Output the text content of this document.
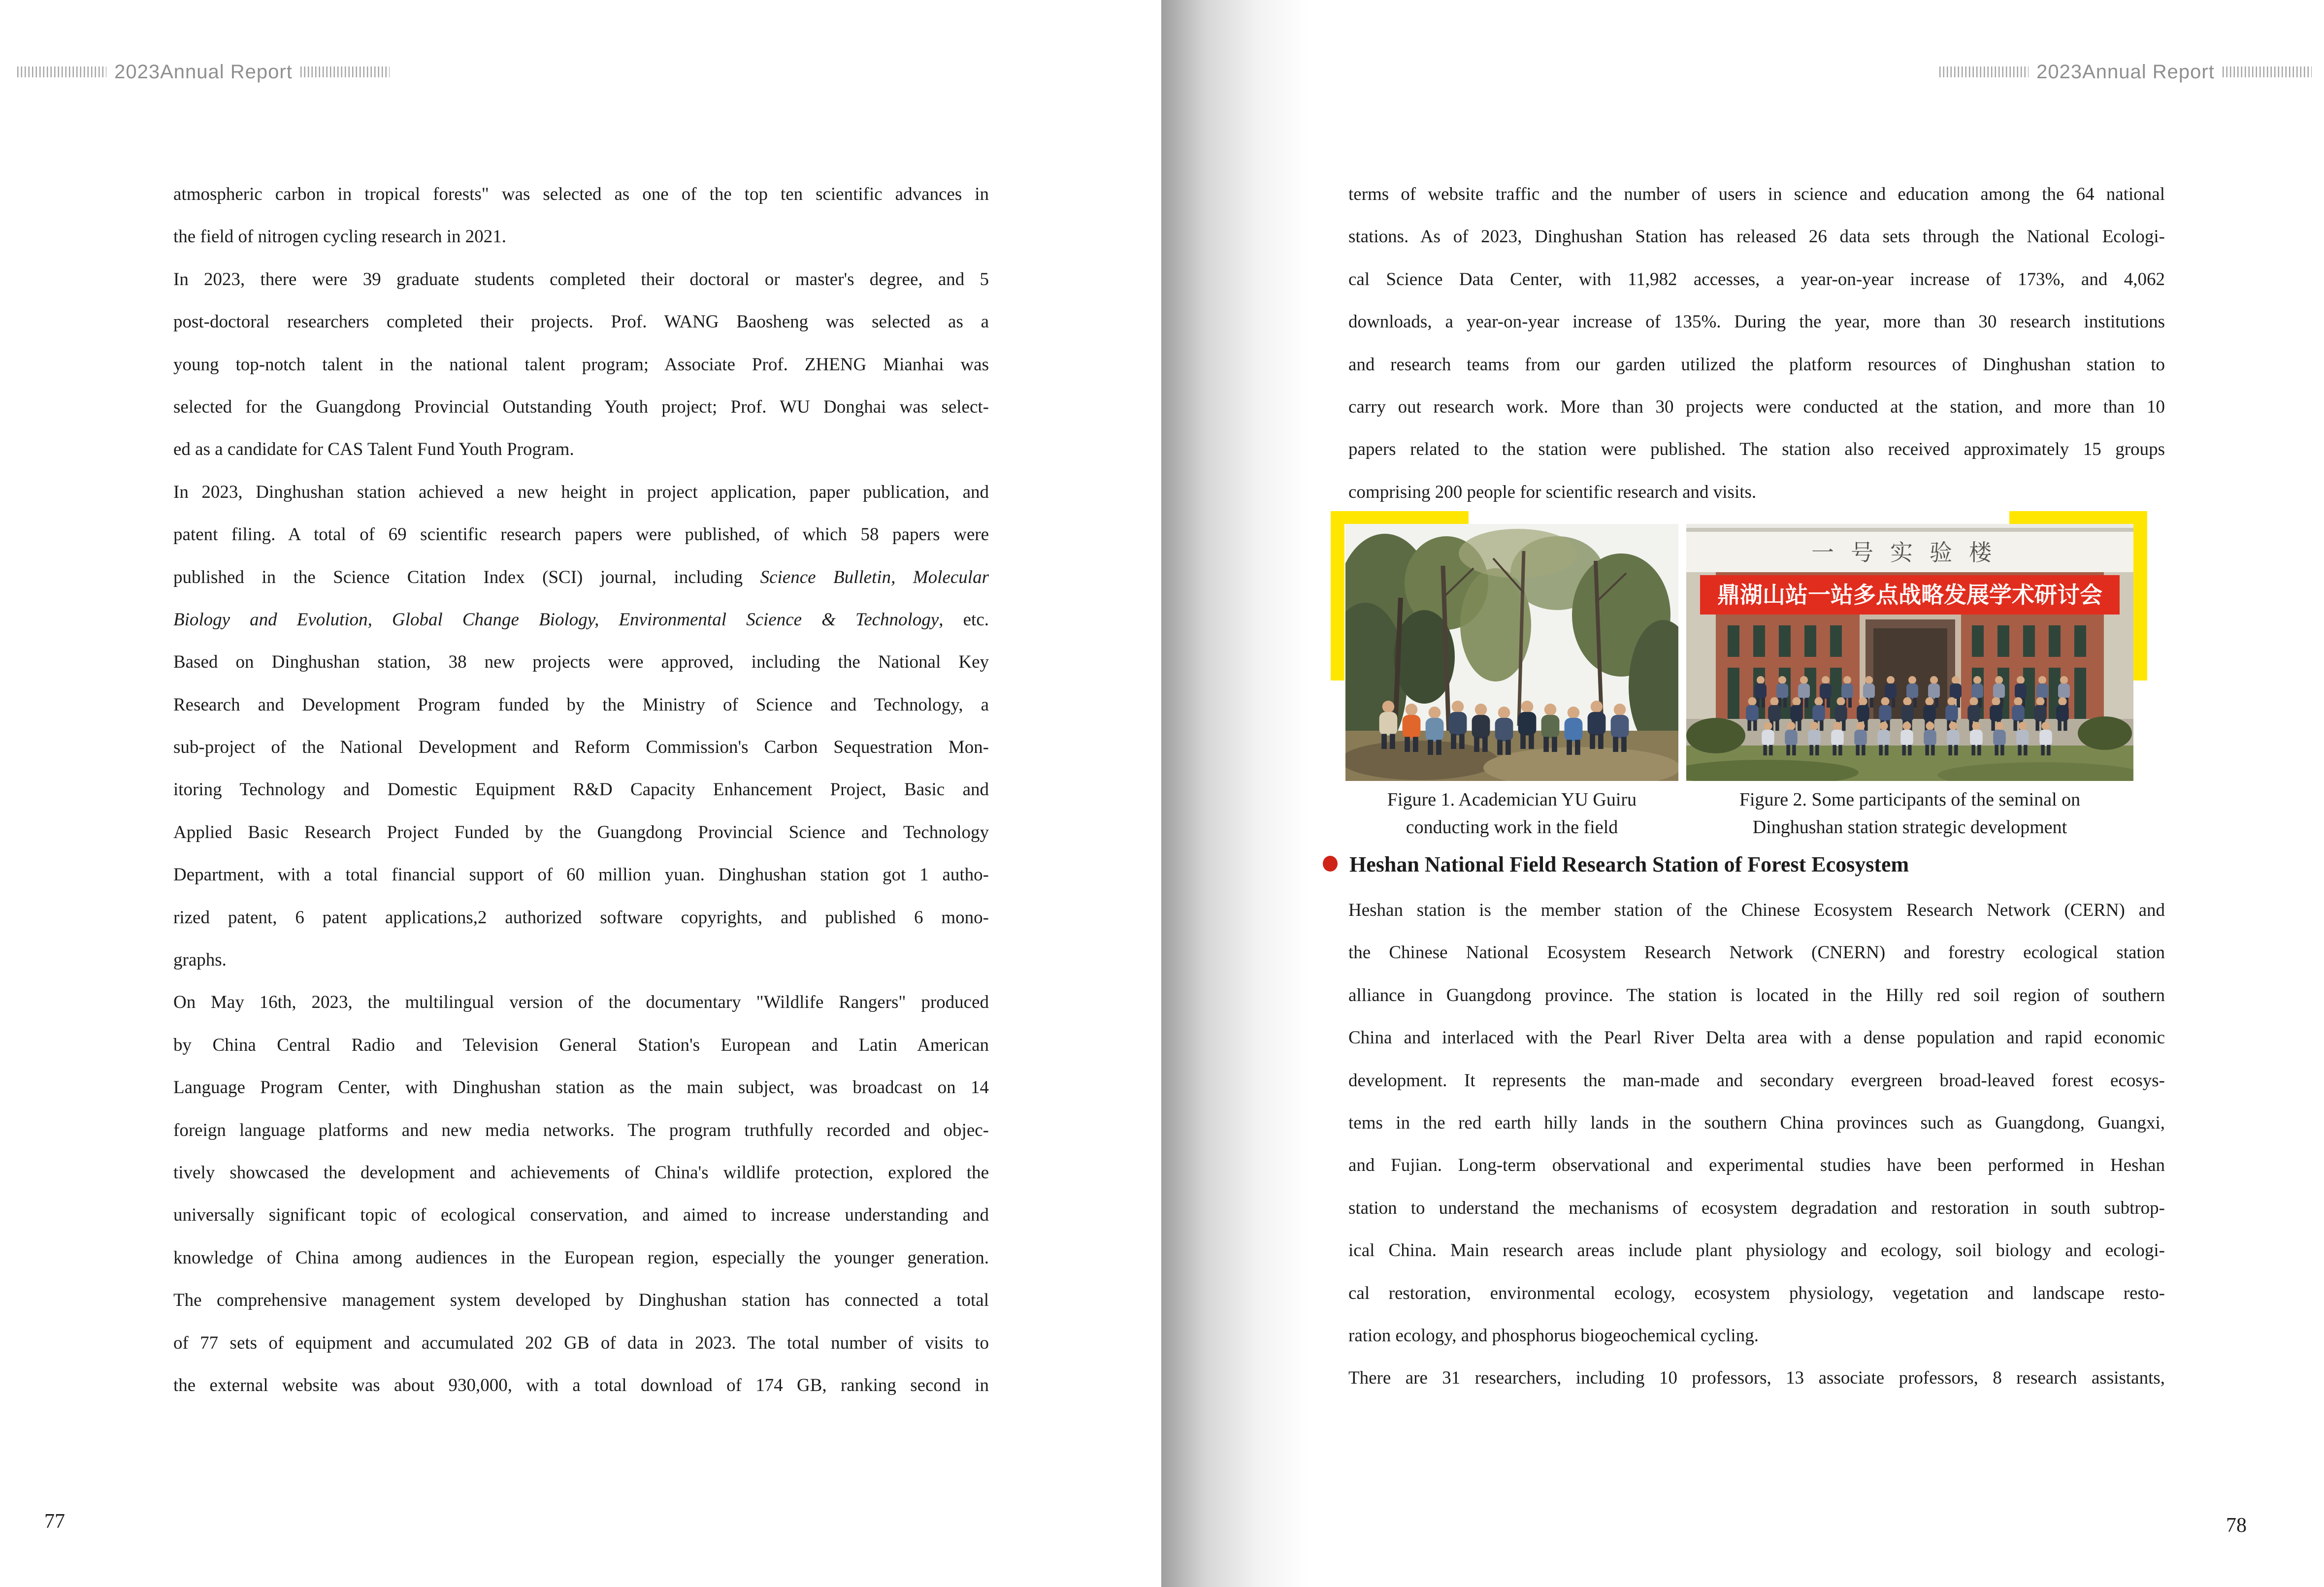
2023Annual Report
atmospheric carbon in tropical forests" was selected as one of the top ten scientific advances in
the field of nitrogen cycling research in 2021.
In 2023, there were 39 graduate students completed their doctoral or master's degree, and 5
post-doctoral researchers completed their projects. Prof. WANG Baosheng was selected as a
young top-notch talent in the national talent program; Associate Prof. ZHENG Mianhai was
selected for the Guangdong Provincial Outstanding Youth project; Prof. WU Donghai was select-
ed as a candidate for CAS Talent Fund Youth Program.
In 2023, Dinghushan station achieved a new height in project application, paper publication, and
patent filing. A total of 69 scientific research papers were published, of which 58 papers were
published in the Science Citation Index (SCI) journal, including Science Bulletin, Molecular
Biology and Evolution, Global Change Biology, Environmental Science & Technology, etc.
Based on Dinghushan station, 38 new projects were approved, including the National Key
Research and Development Program funded by the Ministry of Science and Technology, a
sub-project of the National Development and Reform Commission's Carbon Sequestration Mon-
itoring Technology and Domestic Equipment R&D Capacity Enhancement Project, Basic and
Applied Basic Research Project Funded by the Guangdong Provincial Science and Technology
Department, with a total financial support of 60 million yuan. Dinghushan station got 1 autho-
rized patent, 6 patent applications,2 authorized software copyrights, and published 6 mono-
graphs.
On May 16th, 2023, the multilingual version of the documentary "Wildlife Rangers" produced
by China Central Radio and Television General Station's European and Latin American
Language Program Center, with Dinghushan station as the main subject, was broadcast on 14
foreign language platforms and new media networks. The program truthfully recorded and objec-
tively showcased the development and achievements of China's wildlife protection, explored the
universally significant topic of ecological conservation, and aimed to increase understanding and
knowledge of China among audiences in the European region, especially the younger generation.
The comprehensive management system developed by Dinghushan station has connected a total
of 77 sets of equipment and accumulated 202 GB of data in 2023. The total number of visits to
the external website was about 930,000, with a total download of 174 GB, ranking second in
77
2023Annual Report
terms of website traffic and the number of users in science and education among the 64 national
stations. As of 2023, Dinghushan Station has released 26 data sets through the National Ecologi-
cal Science Data Center, with 11,982 accesses, a year-on-year increase of 173%, and 4,062
downloads, a year-on-year increase of 135%. During the year, more than 30 research institutions
and research teams from our garden utilized the platform resources of Dinghushan station to
carry out research work. More than 30 projects were conducted at the station, and more than 10
papers related to the station were published. The station also received approximately 15 groups
comprising 200 people for scientific research and visits.
Figure 1. Academician YU Guiru
conducting work in the field
一号实验楼
鼎湖山站一站多点战略发展学术研讨会
Figure 2. Some participants of the seminal on
Dinghushan station strategic development
Heshan National Field Research Station of Forest Ecosystem
Heshan station is the member station of the Chinese Ecosystem Research Network (CERN) and
the Chinese National Ecosystem Research Network (CNERN) and forestry ecological station
alliance in Guangdong province. The station is located in the Hilly red soil region of southern
China and interlaced with the Pearl River Delta area with a dense population and rapid economic
development. It represents the man-made and secondary evergreen broad-leaved forest ecosys-
tems in the red earth hilly lands in the southern China provinces such as Guangdong, Guangxi,
and Fujian. Long-term observational and experimental studies have been performed in Heshan
station to understand the mechanisms of ecosystem degradation and restoration in south subtrop-
ical China. Main research areas include plant physiology and ecology, soil biology and ecologi-
cal restoration, environmental ecology, ecosystem physiology, vegetation and landscape resto-
ration ecology, and phosphorus biogeochemical cycling.
There are 31 researchers, including 10 professors, 13 associate professors, 8 research assistants,
78
